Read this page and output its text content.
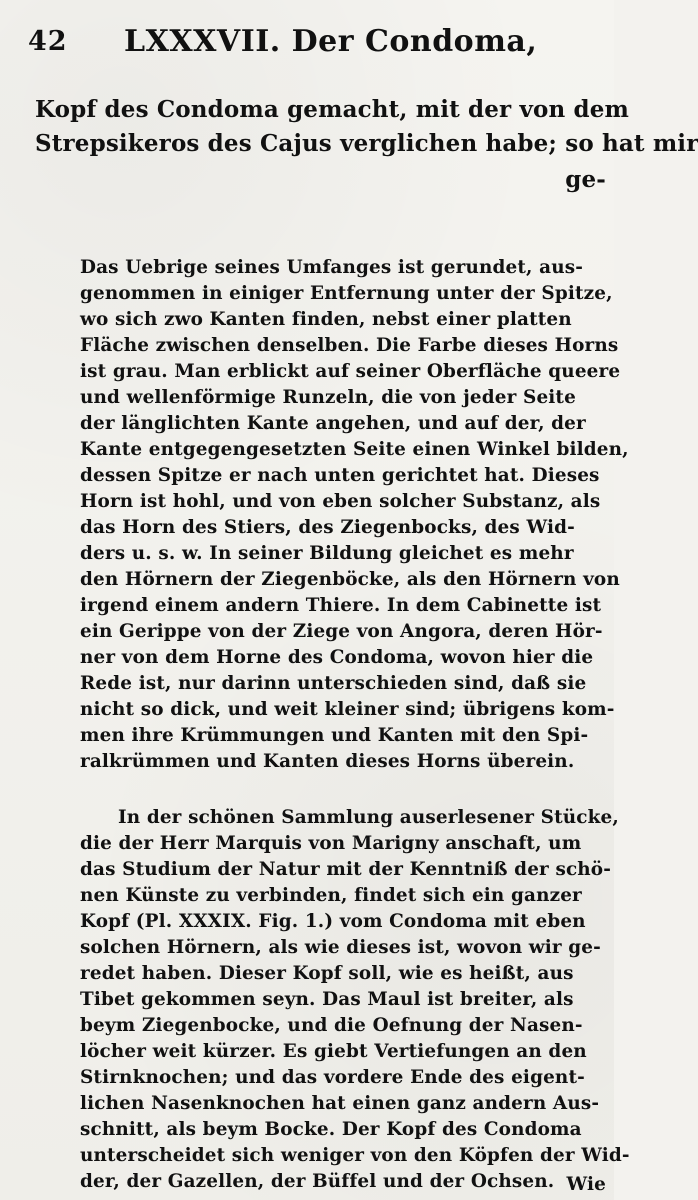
42 LXXXVII. Der Condoma,
Kopf des Condoma gemacht, mit der von dem
Strepsikeros des Cajus verglichen habe; so hat mir
ge-
Das Uebrige seines Umfanges ist gerundet, aus-
genommen in einiger Entfernung unter der Spitze,
wo sich zwo Kanten finden, nebst einer platten
Fläche zwischen denselben. Die Farbe dieses Horns
ist grau. Man erblickt auf seiner Oberfläche queere
und wellenförmige Runzeln, die von jeder Seite
der länglichten Kante angehen, und auf der, der
Kante entgegengesetzten Seite einen Winkel bilden,
dessen Spitze er nach unten gerichtet hat. Dieses
Horn ist hohl, und von eben solcher Substanz, als
das Horn des Stiers, des Ziegenbocks, des Wid-
ders u. s. w. In seiner Bildung gleichet es mehr
den Hörnern der Ziegenböcke, als den Hörnern von
irgend einem andern Thiere. In dem Cabinette ist
ein Gerippe von der Ziege von Angora, deren Hör-
ner von dem Horne des Condoma, wovon hier die
Rede ist, nur darinn unterschieden sind, daß sie
nicht so dick, und weit kleiner sind; übrigens kom-
men ihre Krümmungen und Kanten mit den Spi-
ralkrümmen und Kanten dieses Horns überein.
In der schönen Sammlung auserlesener Stücke,
die der Herr Marquis von Marigny anschaft, um
das Studium der Natur mit der Kenntniß der schö-
nen Künste zu verbinden, findet sich ein ganzer
Kopf (Pl. XXXIX. Fig. 1.) vom Condoma mit eben
solchen Hörnern, als wie dieses ist, wovon wir ge-
redet haben. Dieser Kopf soll, wie es heißt, aus
Tibet gekommen seyn. Das Maul ist breiter, als
beym Ziegenbocke, und die Oefnung der Nasen-
löcher weit kürzer. Es giebt Vertiefungen an den
Stirnknochen; und das vordere Ende des eigent-
lichen Nasenknochen hat einen ganz andern Aus-
schnitt, als beym Bocke. Der Kopf des Condoma
unterscheidet sich weniger von den Köpfen der Wid-
der, der Gazellen, der Büffel und der Ochsen. Wie
